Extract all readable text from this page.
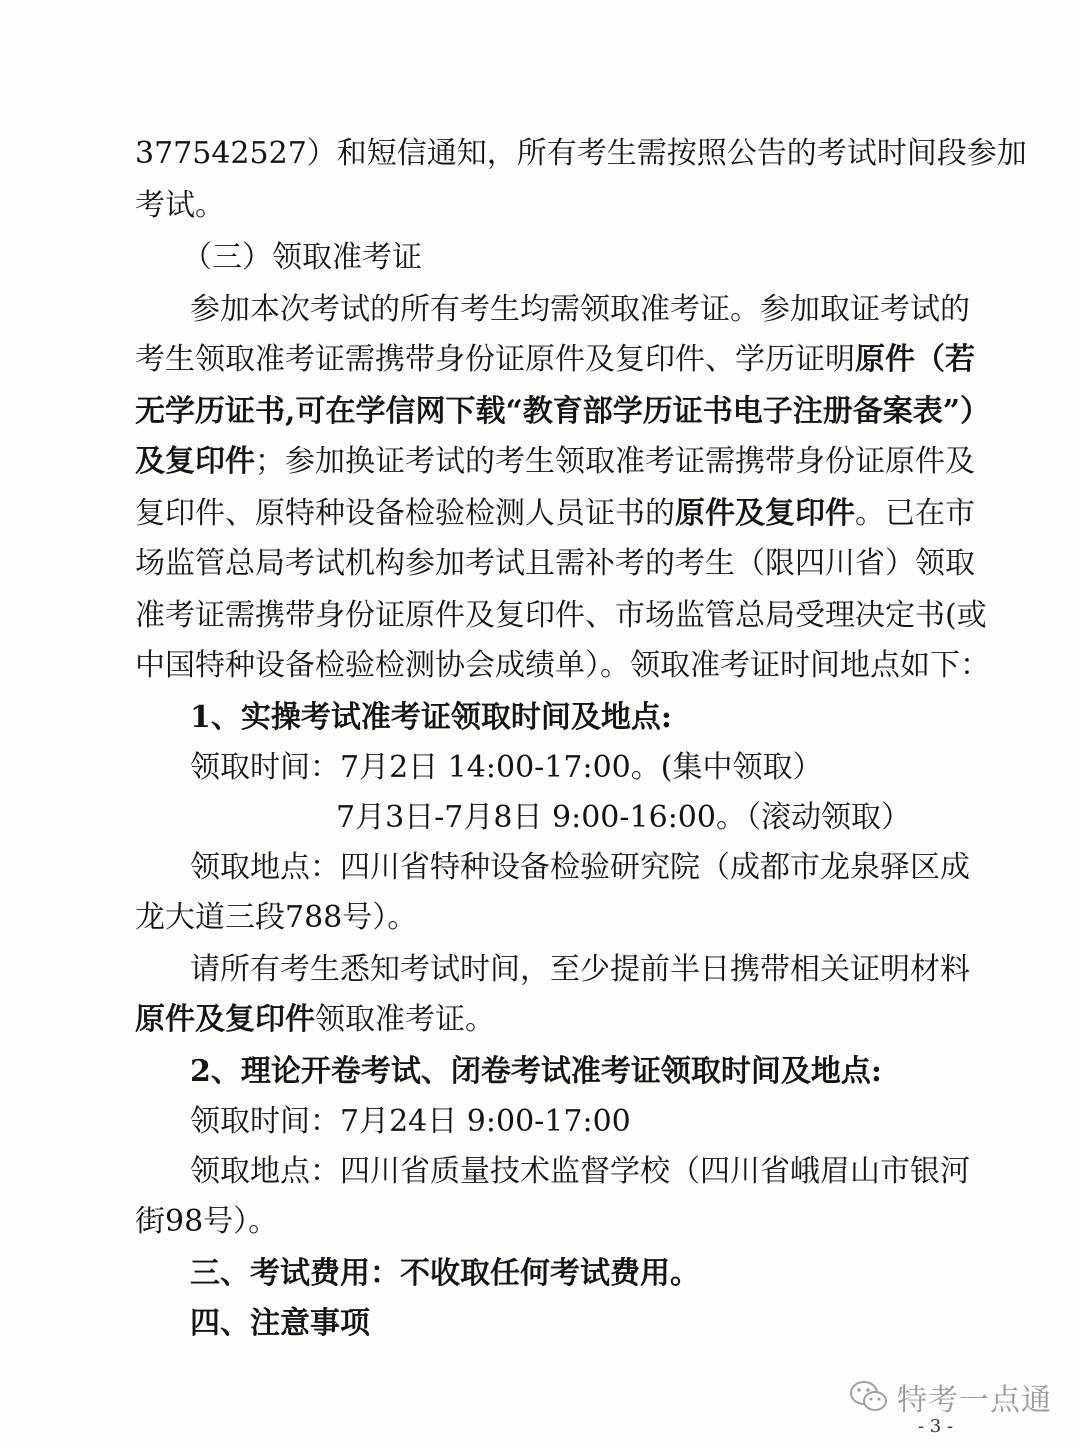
377542527）和短信通知，所有考生需按照公告的考试时间段参加
考试。
（三）领取准考证
参加本次考试的所有考生均需领取准考证。参加取证考试的
考生领取准考证需携带身份证原件及复印件、学历证明原件（若
无学历证书,可在学信网下载“教育部学历证书电子注册备案表”）
及复印件；参加换证考试的考生领取准考证需携带身份证原件及
复印件、原特种设备检验检测人员证书的原件及复印件。已在市
场监管总局考试机构参加考试且需补考的考生（限四川省）领取
准考证需携带身份证原件及复印件、市场监管总局受理决定书(或
中国特种设备检验检测协会成绩单）。领取准考证时间地点如下：
1、实操考试准考证领取时间及地点:
领取时间：7月2日 14:00-17:00。(集中领取）
7月3日-7月8日 9:00-16:00。（滚动领取）
领取地点：四川省特种设备检验研究院（成都市龙泉驿区成
龙大道三段788号）。
请所有考生悉知考试时间，至少提前半日携带相关证明材料
原件及复印件领取准考证。
2、理论开卷考试、闭卷考试准考证领取时间及地点:
领取时间：7月24日 9:00-17:00
领取地点：四川省质量技术监督学校（四川省峨眉山市银河
街98号）。
三、考试费用：不收取任何考试费用。
四、注意事项
特考一点通
- 3 -
